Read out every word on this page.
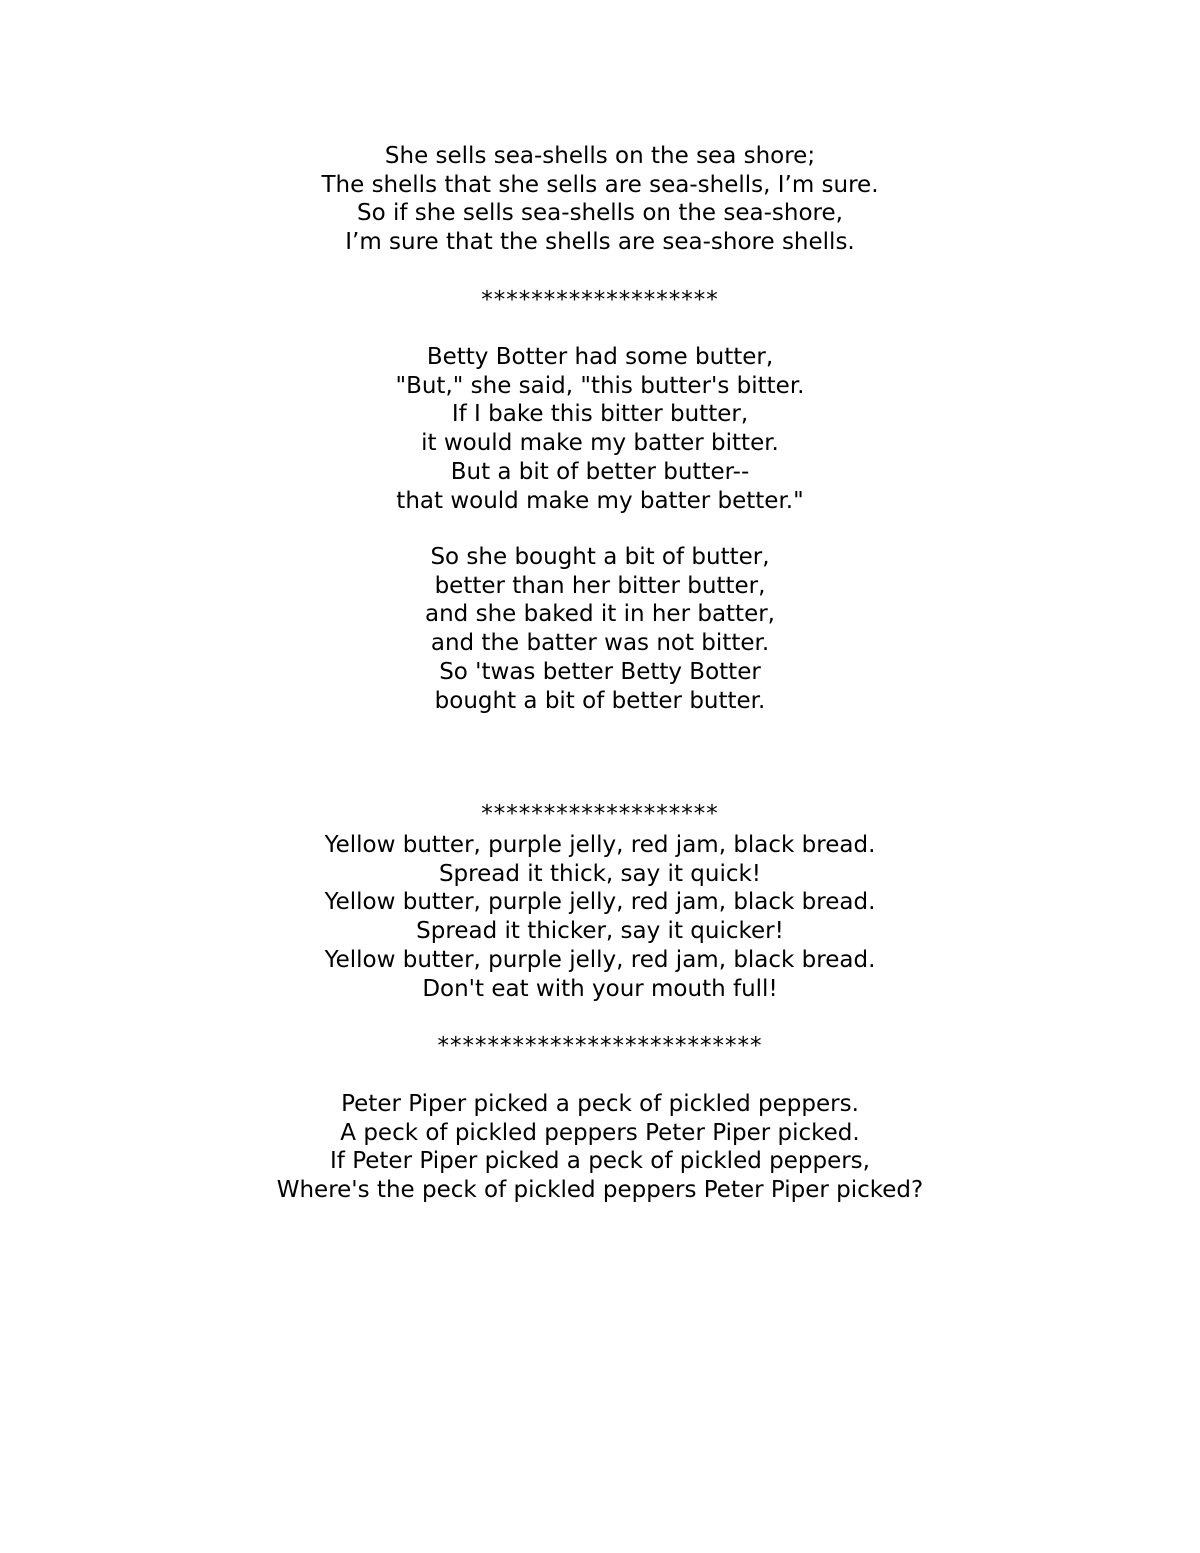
She sells sea-shells on the sea shore;
The shells that she sells are sea-shells, I’m sure.
So if she sells sea-shells on the sea-shore,
I’m sure that the shells are sea-shore shells.
*******************
Betty Botter had some butter,
"But," she said, "this butter's bitter.
If I bake this bitter butter,
it would make my batter bitter.
But a bit of better butter--
that would make my batter better."
So she bought a bit of butter,
better than her bitter butter,
and she baked it in her batter,
and the batter was not bitter.
So 'twas better Betty Botter
bought a bit of better butter.
*******************
Yellow butter, purple jelly, red jam, black bread.
Spread it thick, say it quick!
Yellow butter, purple jelly, red jam, black bread.
Spread it thicker, say it quicker!
Yellow butter, purple jelly, red jam, black bread.
Don't eat with your mouth full!
**************************
Peter Piper picked a peck of pickled peppers.
A peck of pickled peppers Peter Piper picked.
If Peter Piper picked a peck of pickled peppers,
Where's the peck of pickled peppers Peter Piper picked?
